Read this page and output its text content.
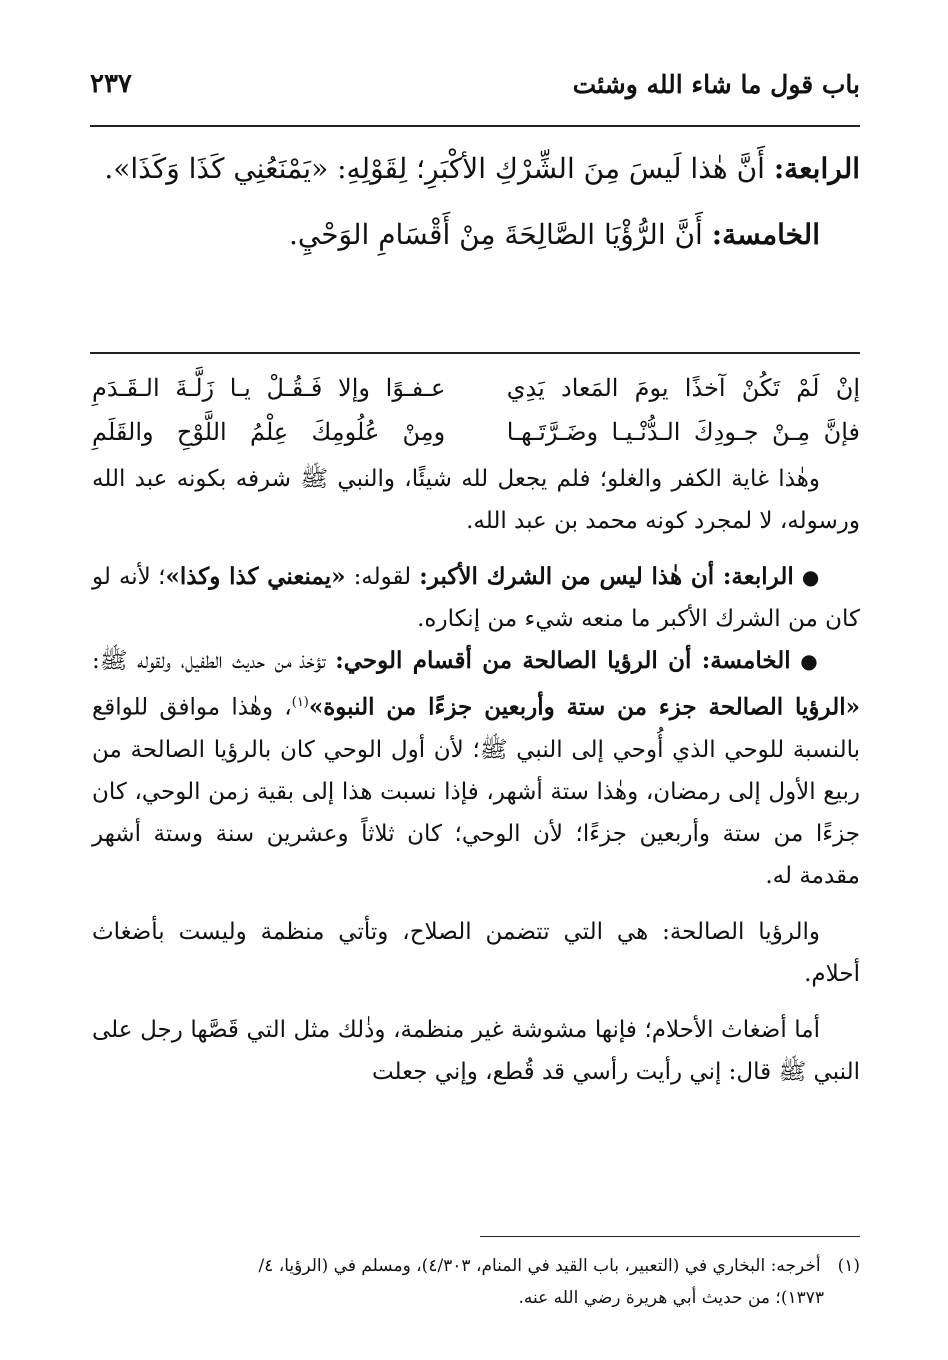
باب قول ما شاء الله وشئت
٢٣٧

الرابعة: أَنَّ هٰذا لَيسَ مِنَ الشِّرْكِ الأكْبَرِ؛ لِقَوْلِهِ: «يَمْنَعُنِي كَذَا وَكَذَا».

الخامسة: أَنَّ الرُّؤْيَا الصَّالِحَةَ مِنْ أَقْسَامِ الوَحْيِ.

إنْ لَمْ تَكُنْ آخذًا يومَ المَعاد يَدِي
عـفـوًا وإلا فَـقُـلْ يـا زَلَّـةَ الـقَـدَمِ
فإنَّ مِـنْ جـودِكَ الـدُّنْـيـا وضَـرَّتَـهـا
ومِنْ عُلُومِكَ عِلْمُ اللَّوْحِ والقَلَمِ

وهٰذا غاية الكفر والغلو؛ فلم يجعل لله شيئًا، والنبي ﷺ شرفه بكونه عبد الله ورسوله، لا لمجرد كونه محمد بن عبد الله.

● الرابعة: أن هٰذا ليس من الشرك الأكبر: لقوله: «يمنعني كذا وكذا»؛ لأنه لو كان من الشرك الأكبر ما منعه شيء من إنكاره.

● الخامسة: أن الرؤيا الصالحة من أقسام الوحي: تؤخذ من حديث الطفيل، ولقوله ﷺ: «الرؤيا الصالحة جزء من ستة وأربعين جزءًا من النبوة»$^{(١)}$، وهٰذا موافق للواقع بالنسبة للوحي الذي أُوحي إلى النبي ﷺ؛ لأن أول الوحي كان بالرؤيا الصالحة من ربيع الأول إلى رمضان، وهٰذا ستة أشهر، فإذا نسبت هذا إلى بقية زمن الوحي، كان جزءًا من ستة وأربعين جزءًا؛ لأن الوحي؛ كان ثلاثاً وعشرين سنة وستة أشهر مقدمة له.

والرؤيا الصالحة: هي التي تتضمن الصلاح، وتأتي منظمة وليست بأضغاث أحلام.

أما أضغاث الأحلام؛ فإنها مشوشة غير منظمة، وذٰلك مثل التي قَصَّها رجل على النبي ﷺ قال: إني رأيت رأسي قد قُطع، وإني جعلت

(١) أخرجه: البخاري في (التعبير، باب القيد في المنام، ٤/٣٠٣)، ومسلم في (الرؤيا، ٤/
١٣٧٣)؛ من حديث أبي هريرة رضي الله عنه.
